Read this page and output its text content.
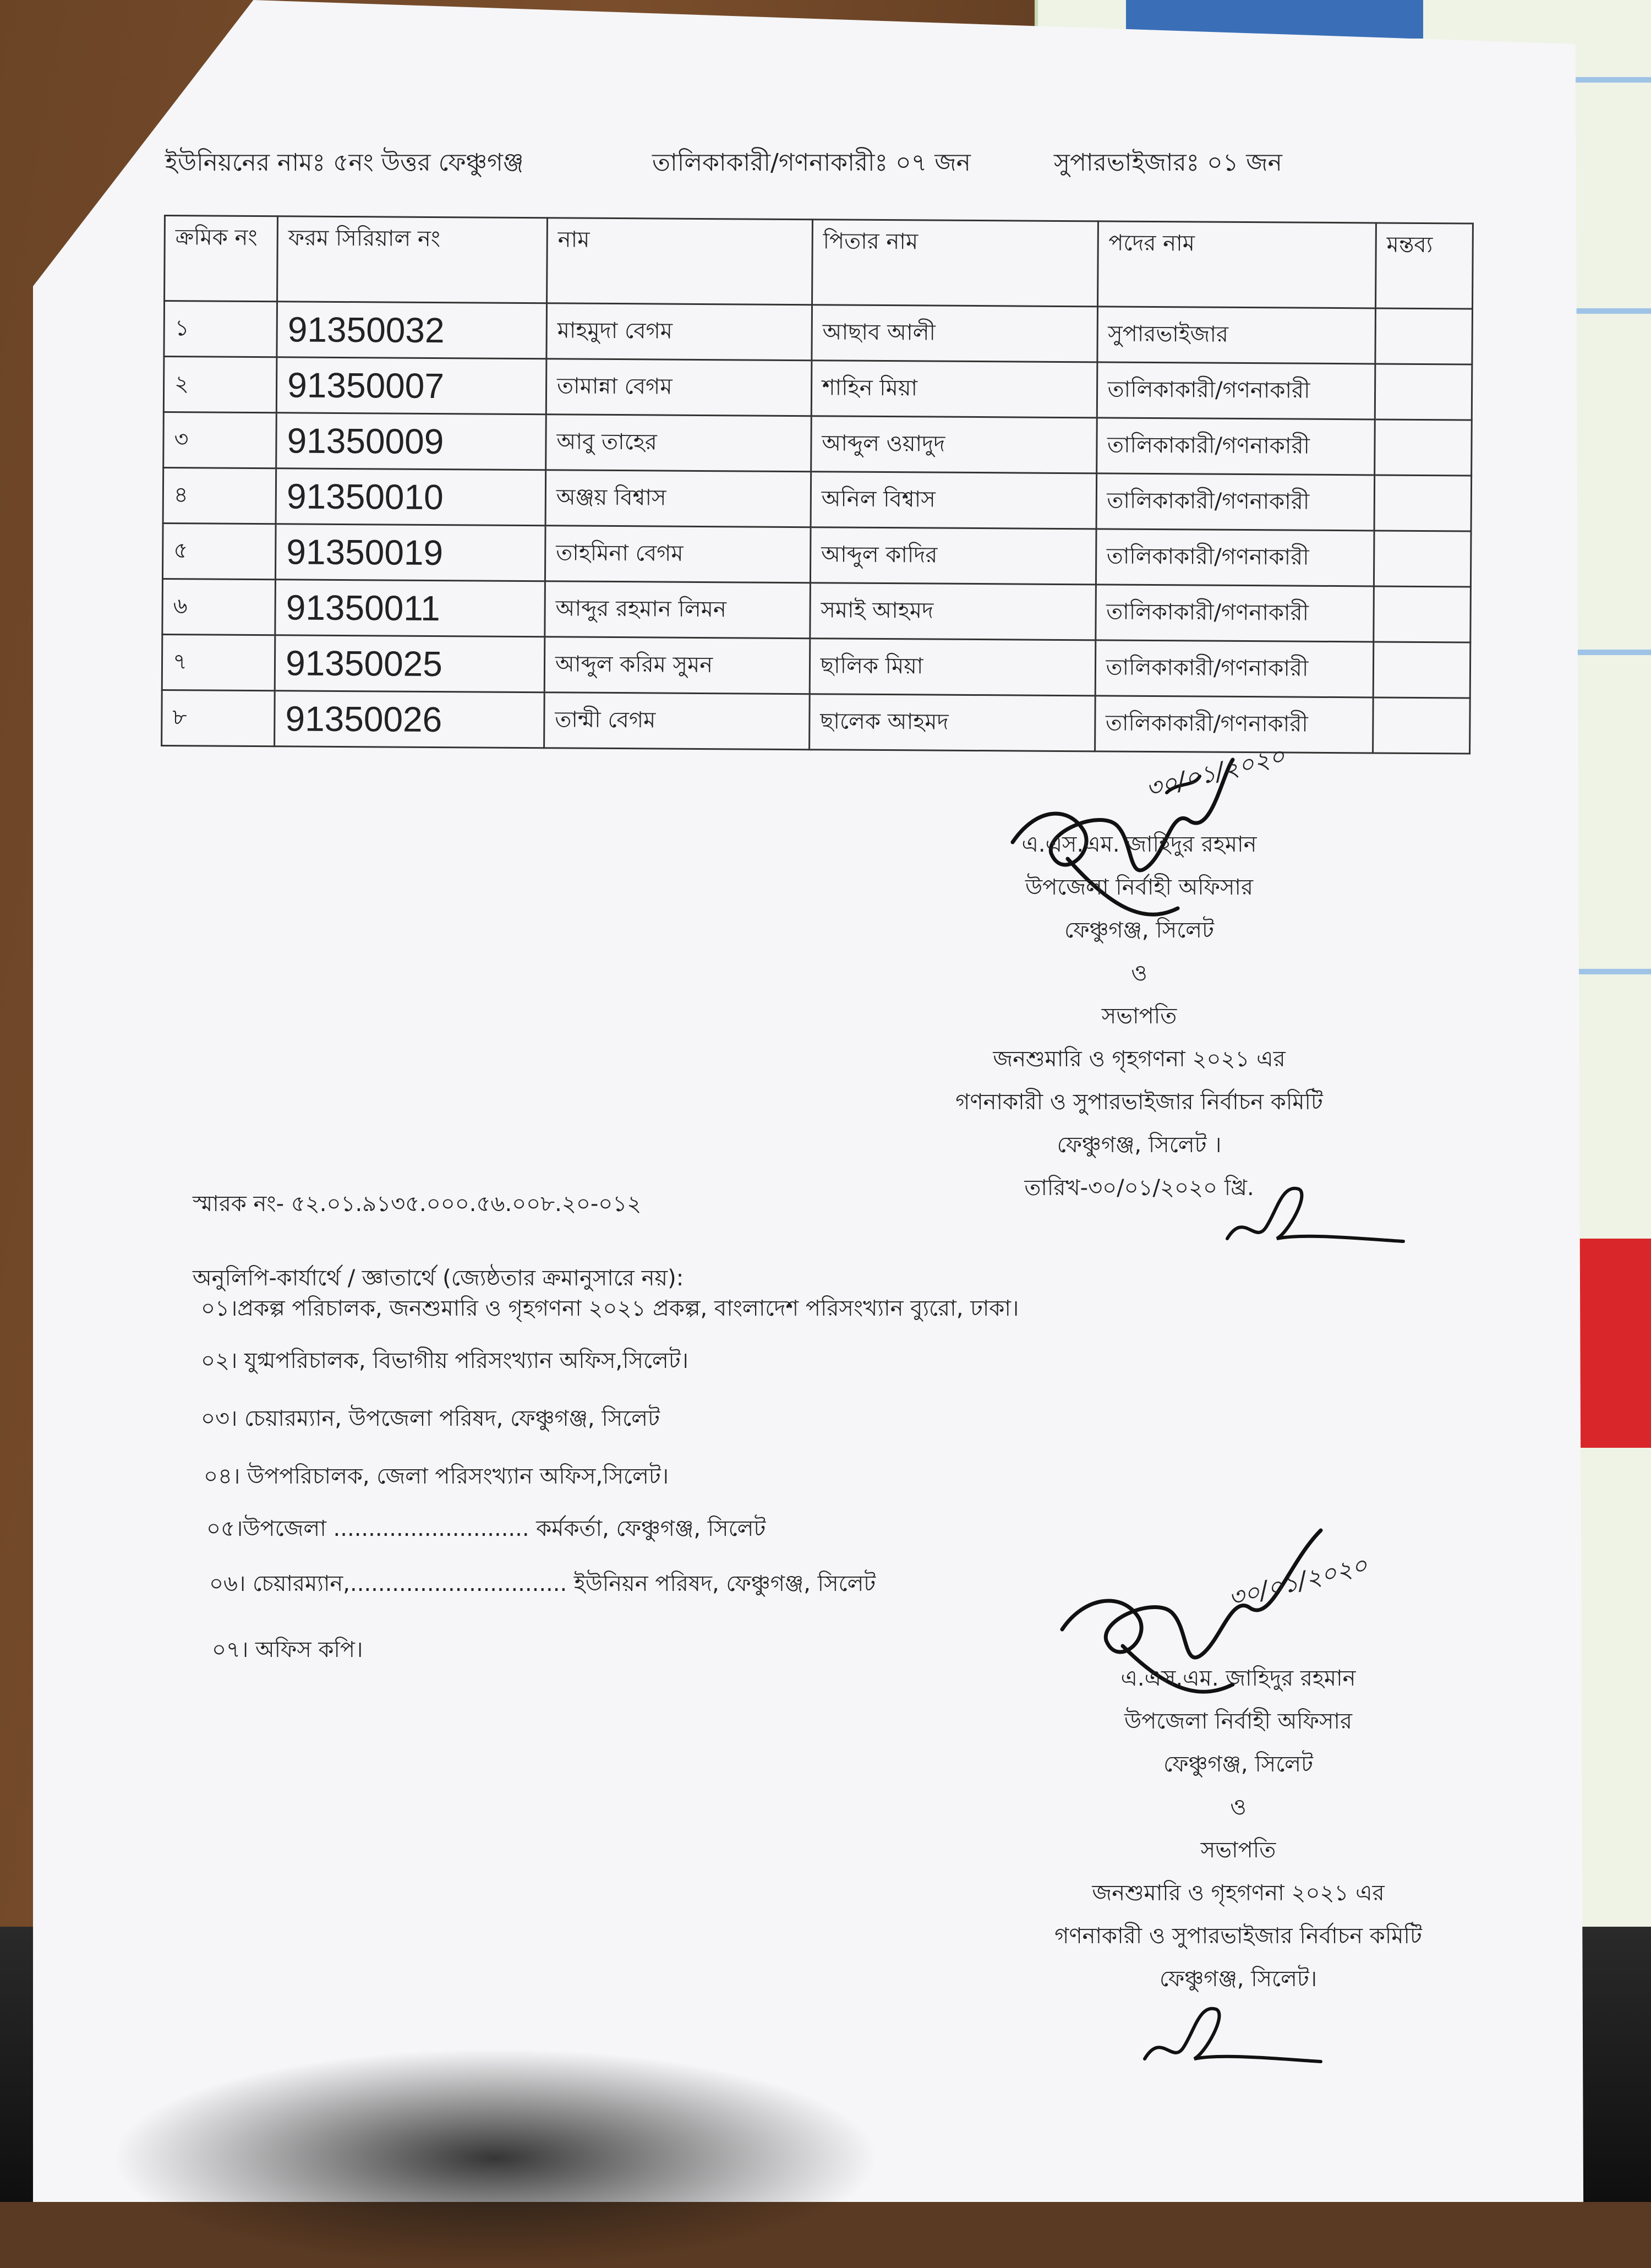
ইউনিয়নের নামঃ ৫নং উত্তর ফেঞ্চুগঞ্জ	তালিকাকারী/গণনাকারীঃ ০৭ জন	সুপারভাইজারঃ ০১ জন
ক্রমিক নং	ফরম সিরিয়াল নং	নাম	পিতার নাম	পদের নাম	মন্তব্য
১	91350032	মাহমুদা বেগম	আছাব আলী	সুপারভাইজার	
২	91350007	তামান্না বেগম	শাহিন মিয়া	তালিকাকারী/গণনাকারী	
৩	91350009	আবু তাহের	আব্দুল ওয়াদুদ	তালিকাকারী/গণনাকারী	
৪	91350010	অঞ্জয় বিশ্বাস	অনিল বিশ্বাস	তালিকাকারী/গণনাকারী	
৫	91350019	তাহমিনা বেগম	আব্দুল কাদির	তালিকাকারী/গণনাকারী	
৬	91350011	আব্দুর রহমান লিমন	সমাই আহমদ	তালিকাকারী/গণনাকারী	
৭	91350025	আব্দুল করিম সুমন	ছালিক মিয়া	তালিকাকারী/গণনাকারী	
৮	91350026	তান্মী বেগম	ছালেক আহমদ	তালিকাকারী/গণনাকারী	
৩০/০১/২০২০
এ.এস.এম. জাহিদুর রহমান
উপজেলা নির্বাহী অফিসার
ফেঞ্চুগঞ্জ, সিলেট
ও
সভাপতি
জনশুমারি ও গৃহগণনা ২০২১ এর
গণনাকারী ও সুপারভাইজার নির্বাচন কমিটি
ফেঞ্চুগঞ্জ, সিলেট ।
তারিখ-৩০/০১/২০২০ খ্রি.
স্মারক নং- ৫২.০১.৯১৩৫.০০০.৫৬.০০৮.২০-০১২
অনুলিপি-কার্যার্থে / জ্ঞাতার্থে (জ্যেষ্ঠতার ক্রমানুসারে নয়):
০১।প্রকল্প পরিচালক, জনশুমারি ও গৃহগণনা ২০২১ প্রকল্প, বাংলাদেশ পরিসংখ্যান ব্যুরো, ঢাকা।
০২। যুগ্মপরিচালক, বিভাগীয় পরিসংখ্যান অফিস,সিলেট।
০৩। চেয়ারম্যান, উপজেলা পরিষদ, ফেঞ্চুগঞ্জ, সিলেট
০৪। উপপরিচালক, জেলা পরিসংখ্যান অফিস,সিলেট।
০৫।উপজেলা ............................ কর্মকর্তা, ফেঞ্চুগঞ্জ, সিলেট
০৬। চেয়ারম্যান,............................... ইউনিয়ন পরিষদ, ফেঞ্চুগঞ্জ, সিলেট
০৭। অফিস কপি।
৩০/০১/২০২০
এ.এস.এম. জাহিদুর রহমান
উপজেলা নির্বাহী অফিসার
ফেঞ্চুগঞ্জ, সিলেট
ও
সভাপতি
জনশুমারি ও গৃহগণনা ২০২১ এর
গণনাকারী ও সুপারভাইজার নির্বাচন কমিটি
ফেঞ্চুগঞ্জ, সিলেট।
